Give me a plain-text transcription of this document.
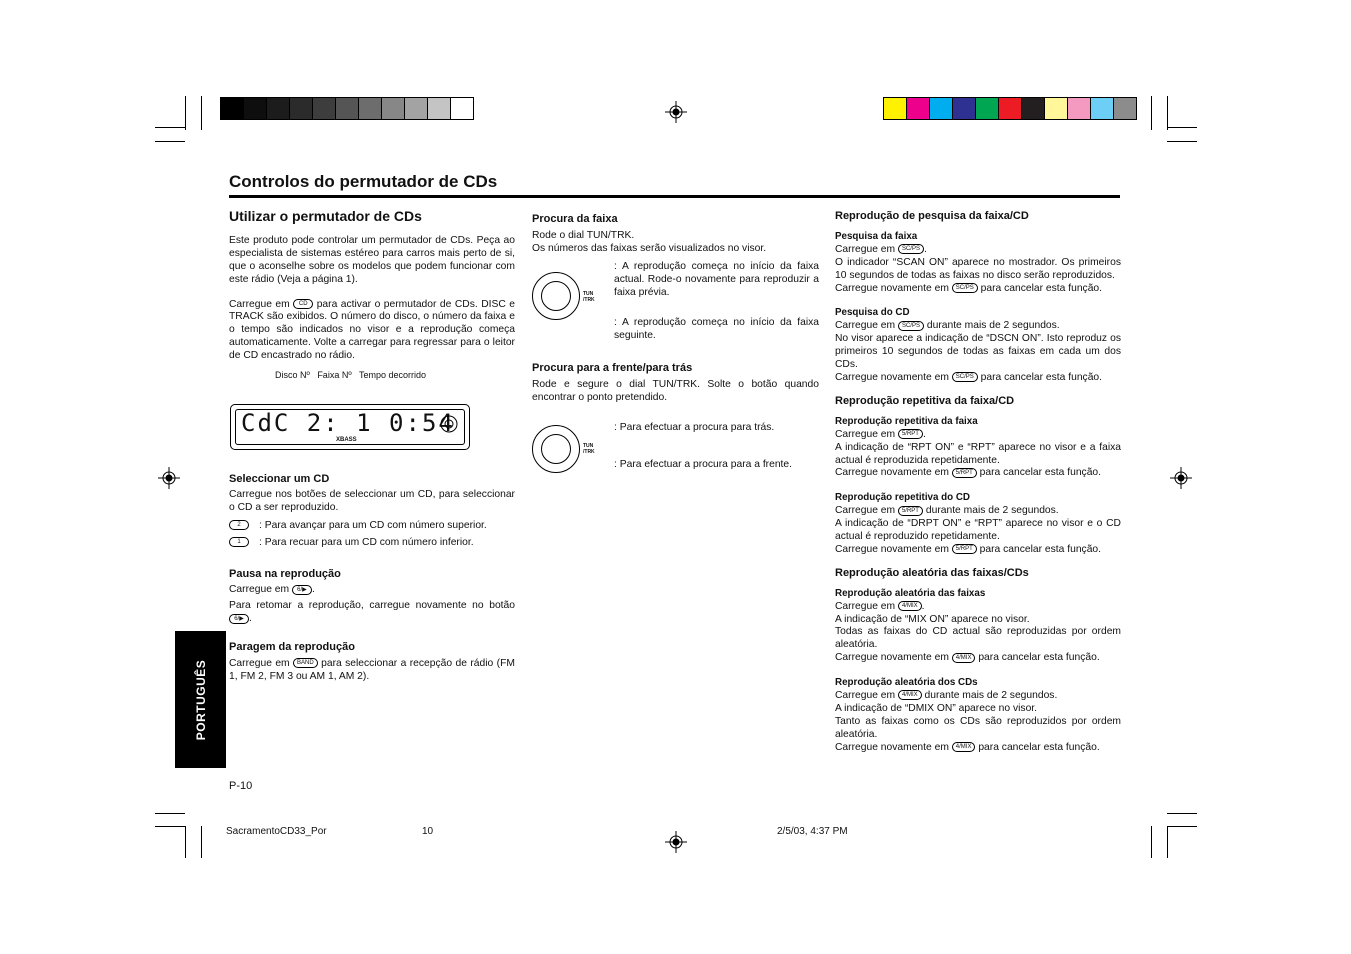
Controlos do permutador de CDs

Utilizar o permutador de CDs

Este produto pode controlar um permutador de CDs. Peça ao especialista de sistemas estéreo para carros mais perto de si, que o aconselhe sobre os modelos que podem funcionar com este rádio (Veja a página 1).

Carregue em CD para activar o permutador de CDs. DISC e TRACK são exibidos. O número do disco, o número da faixa e o tempo são indicados no visor e a reprodução começa automaticamente. Volte a carregar para regressar para o leitor de CD encastrado no rádio.

Disco Nº Faixa Nº Tempo decorrido
CdC 2: 1 0:54
XBASS

Seleccionar um CD

Carregue nos botões de seleccionar um CD, para seleccionar o CD a ser reproduzido.

2	: Para avançar para um CD com número superior.
1	: Para recuar para um CD com número inferior.

Pausa na reprodução

Carregue em 6/▶ .

Para retomar a reprodução, carregue novamente no botão 6/▶ .

Paragem da reprodução

Carregue em BAND para seleccionar a recepção de rádio (FM 1, FM 2, FM 3 ou AM 1, AM 2).

Procura da faixa

Rode o dial TUN/TRK.

Os números das faixas serão visualizados no visor.

TUN /TRK

: A reprodução começa no início da faixa actual. Rode-o novamente para reproduzir a faixa prévia.

: A reprodução começa no início da faixa seguinte.

Procura para a frente/para trás

Rode e segure o dial TUN/TRK. Solte o botão quando encontrar o ponto pretendido.

TUN /TRK

: Para efectuar a procura para trás.

: Para efectuar a procura para a frente.

Reprodução de pesquisa da faixa/CD

Pesquisa da faixa

Carregue em SC/PS .

O indicador “SCAN ON” aparece no mostrador. Os primeiros 10 segundos de todas as faixas no disco serão reproduzidos.

Carregue novamente em SC/PS para cancelar esta função.

Pesquisa do CD

Carregue em SC/PS durante mais de 2 segundos.

No visor aparece a indicação de “DSCN ON”. Isto reproduz os primeiros 10 segundos de todas as faixas em cada um dos CDs.

Carregue novamente em SC/PS para cancelar esta função.

Reprodução repetitiva da faixa/CD

Reprodução repetitiva da faixa

Carregue em 5/RPT .

A indicação de “RPT ON” e “RPT” aparece no visor e a faixa actual é reproduzida repetidamente.

Carregue novamente em 5/RPT para cancelar esta função.

Reprodução repetitiva do CD

Carregue em 5/RPT durante mais de 2 segundos.

A indicação de “DRPT ON” e “RPT” aparece no visor e o CD actual é reproduzido repetidamente.

Carregue novamente em 5/RPT para cancelar esta função.

Reprodução aleatória das faixas/CDs

Reprodução aleatória das faixas

Carregue em 4/MIX .

A indicação de “MIX ON” aparece no visor.

Todas as faixas do CD actual são reproduzidas por ordem aleatória.

Carregue novamente em 4/MIX para cancelar esta função.

Reprodução aleatória dos CDs

Carregue em 4/MIX durante mais de 2 segundos.

A indicação de “DMIX ON” aparece no visor.

Tanto as faixas como os CDs são reproduzidos por ordem aleatória.

Carregue novamente em 4/MIX para cancelar esta função.

PORTUGUÊS
P-10
SacramentoCD33_Por	10	2/5/03, 4:37 PM
